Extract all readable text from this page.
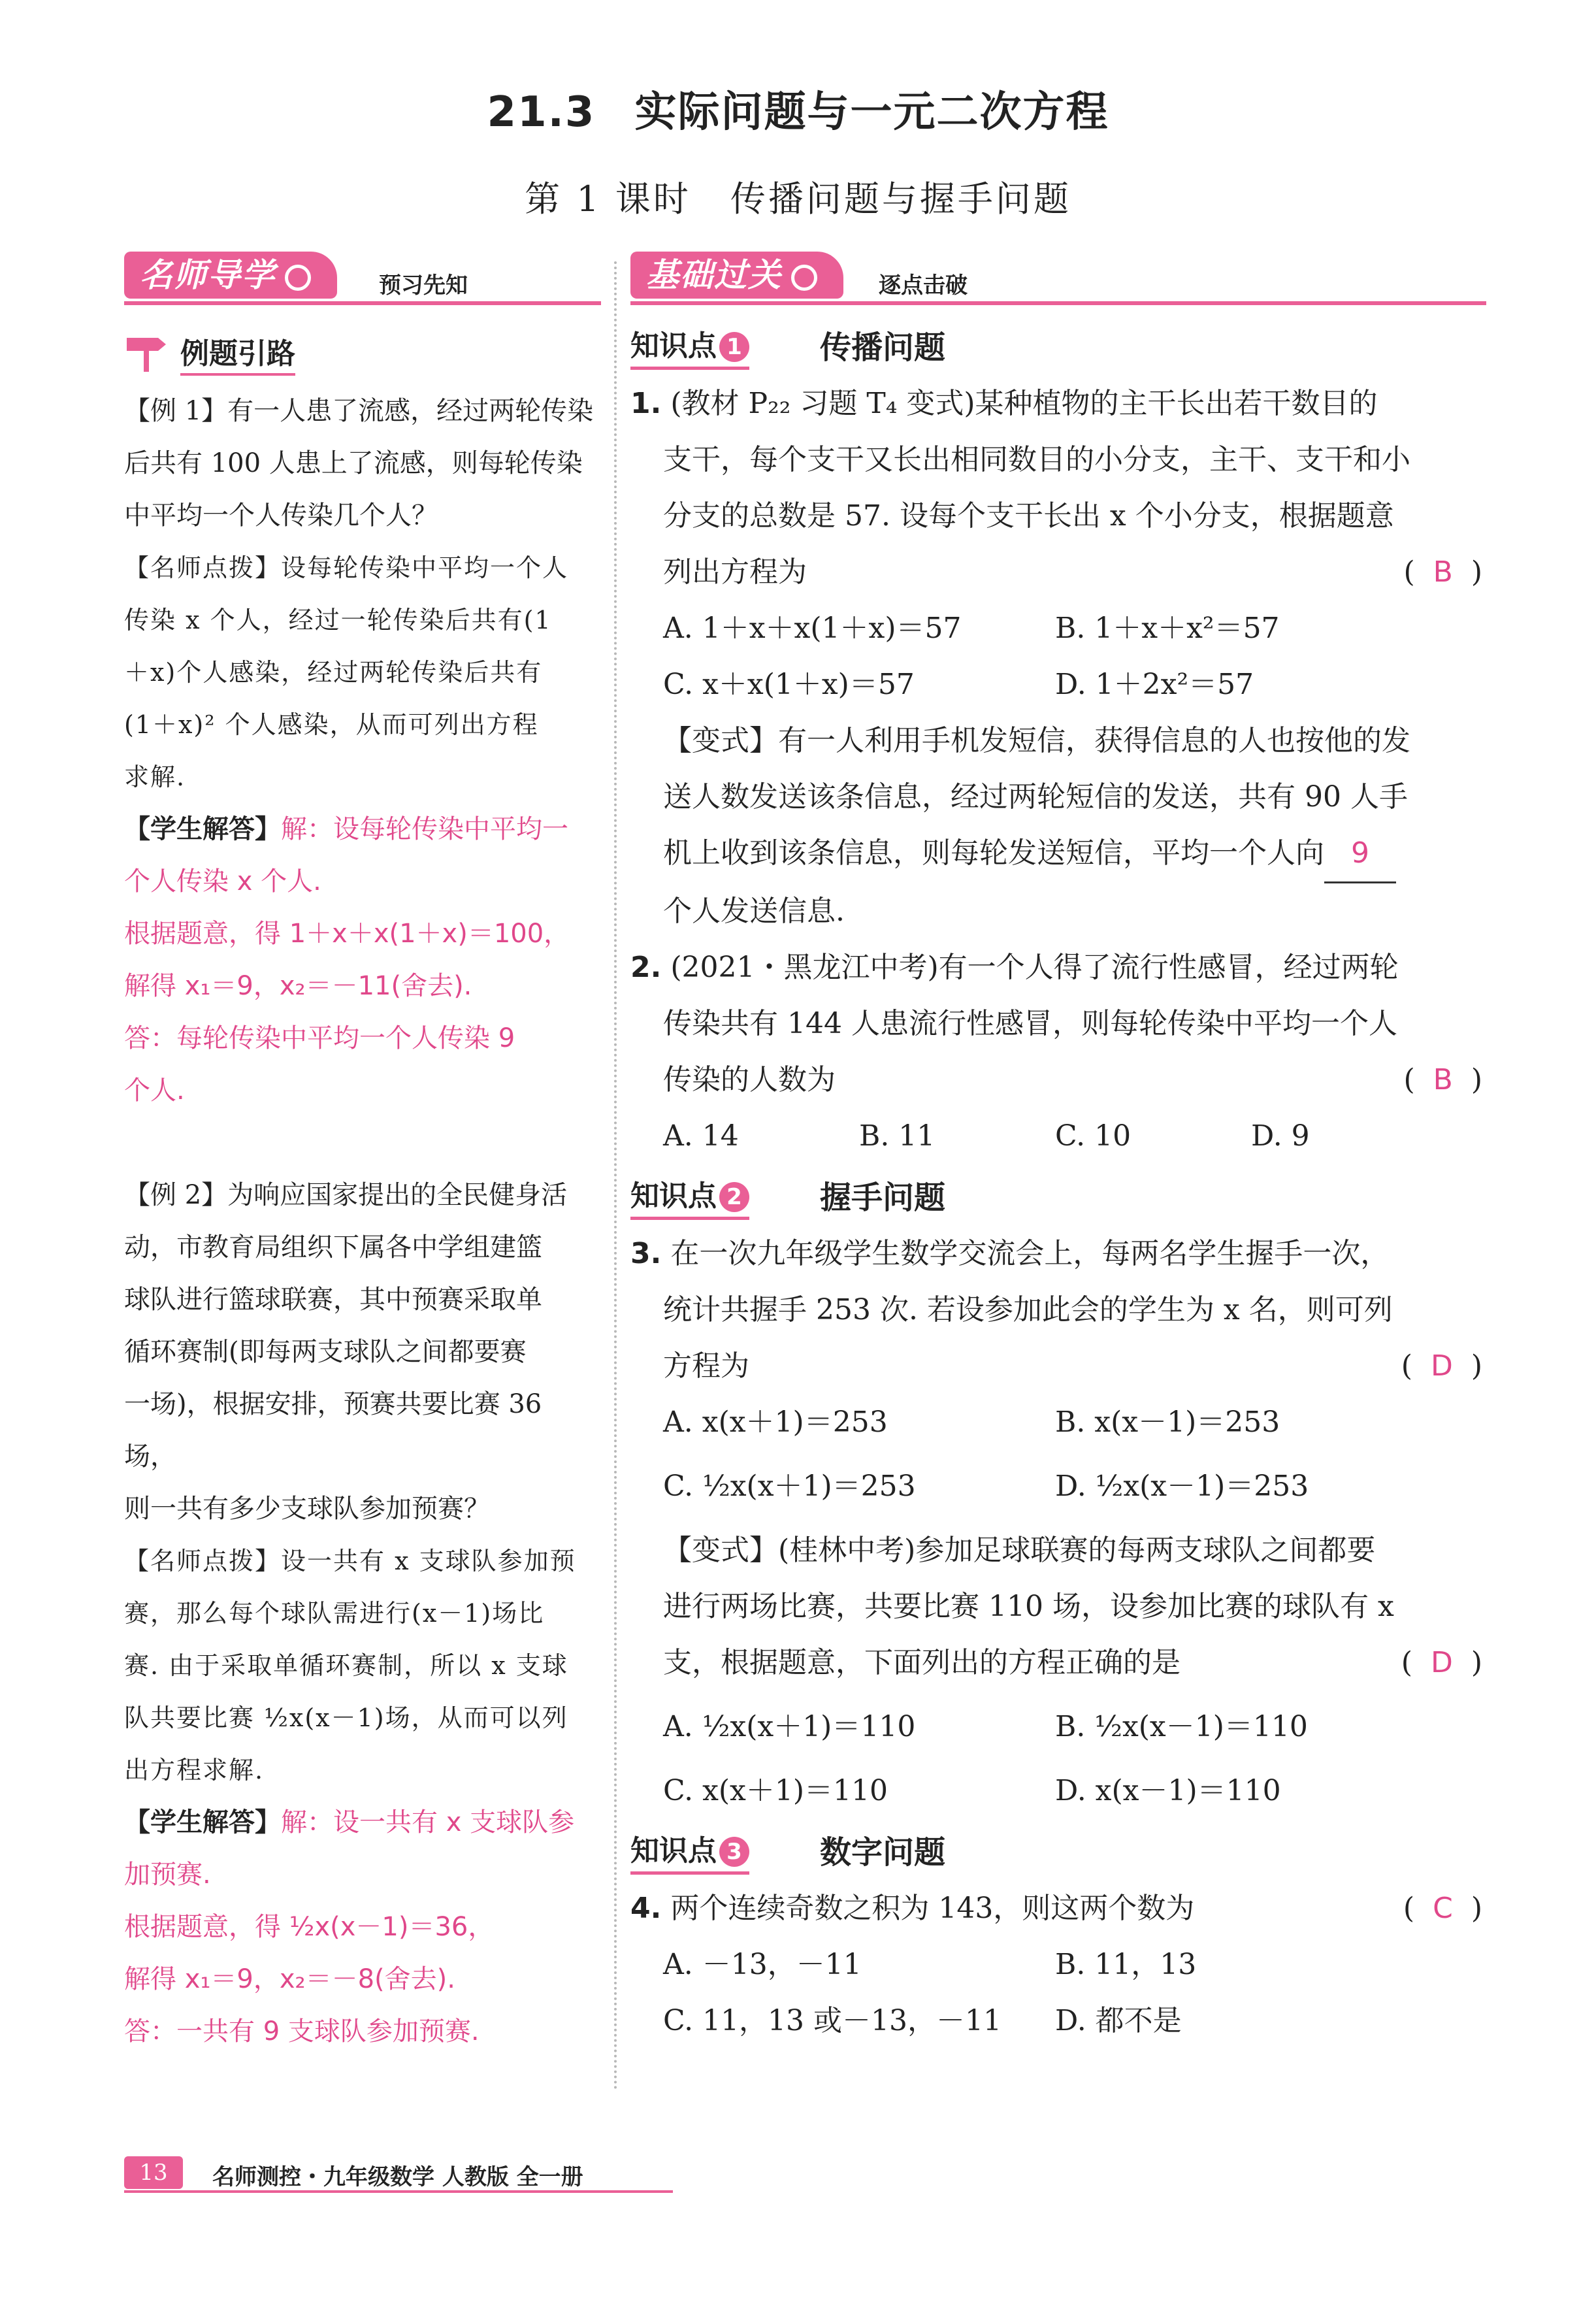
21.3 实际问题与一元二次方程
第 1 课时 传播问题与握手问题
名师导学	预习先知
例题引路

【例 1】有一人患了流感，经过两轮传染

后共有 100 人患上了流感，则每轮传染

中平均一个人传染几个人？

【名师点拨】设每轮传染中平均一个人

传染 x 个人，经过一轮传染后共有(1

＋x)个人感染，经过两轮传染后共有

(1＋x)² 个人感染，从而可列出方程

求解.

【学生解答】解：设每轮传染中平均一

个人传染 x 个人.

根据题意，得 1＋x＋x(1＋x)＝100，

解得 x₁＝9，x₂＝－11(舍去).

答：每轮传染中平均一个人传染 9

个人.

【例 2】为响应国家提出的全民健身活

动，市教育局组织下属各中学组建篮

球队进行篮球联赛，其中预赛采取单

循环赛制(即每两支球队之间都要赛

一场)，根据安排，预赛共要比赛 36 场，

则一共有多少支球队参加预赛？

【名师点拨】设一共有 x 支球队参加预

赛，那么每个球队需进行(x－1)场比

赛. 由于采取单循环赛制，所以 x 支球

队共要比赛 ½x(x－1)场，从而可以列

出方程求解.

【学生解答】解：设一共有 x 支球队参

加预赛.

根据题意，得 ½x(x－1)＝36，

解得 x₁＝9，x₂＝－8(舍去).

答：一共有 9 支球队参加预赛.

基础过关	逐点击破
知识点 1 传播问题

1. (教材 P₂₂ 习题 T₄ 变式)某种植物的主干长出若干数目的

支干，每个支干又长出相同数目的小分支，主干、支干和小

分支的总数是 57. 设每个支干长出 x 个小分支，根据题意

列出方程为	( B )

A. 1＋x＋x(1＋x)＝57	B. 1＋x＋x²＝57
C. x＋x(1＋x)＝57	D. 1＋2x²＝57

【变式】有一人利用手机发短信，获得信息的人也按他的发

送人数发送该条信息，经过两轮短信的发送，共有 90 人手

机上收到该条信息，则每轮发送短信，平均一个人向 9

个人发送信息.

2. (2021・黑龙江中考)有一个人得了流行性感冒，经过两轮

传染共有 144 人患流行性感冒，则每轮传染中平均一个人

传染的人数为	( B )

A. 14	B. 11	C. 10	D. 9
知识点 2 握手问题

3. 在一次九年级学生数学交流会上，每两名学生握手一次，

统计共握手 253 次. 若设参加此会的学生为 x 名，则可列

方程为	( D )

A. x(x＋1)＝253	B. x(x－1)＝253
C. ½x(x＋1)＝253	D. ½x(x－1)＝253

【变式】(桂林中考)参加足球联赛的每两支球队之间都要

进行两场比赛，共要比赛 110 场，设参加比赛的球队有 x

支，根据题意，下面列出的方程正确的是	( D )

A. ½x(x＋1)＝110	B. ½x(x－1)＝110
C. x(x＋1)＝110	D. x(x－1)＝110
知识点 3 数字问题

4. 两个连续奇数之积为 143，则这两个数为	( C )

A. －13，－11	B. 11，13
C. 11，13 或－13，－11	D. 都不是
13	名师测控・九年级数学 人教版 全一册
